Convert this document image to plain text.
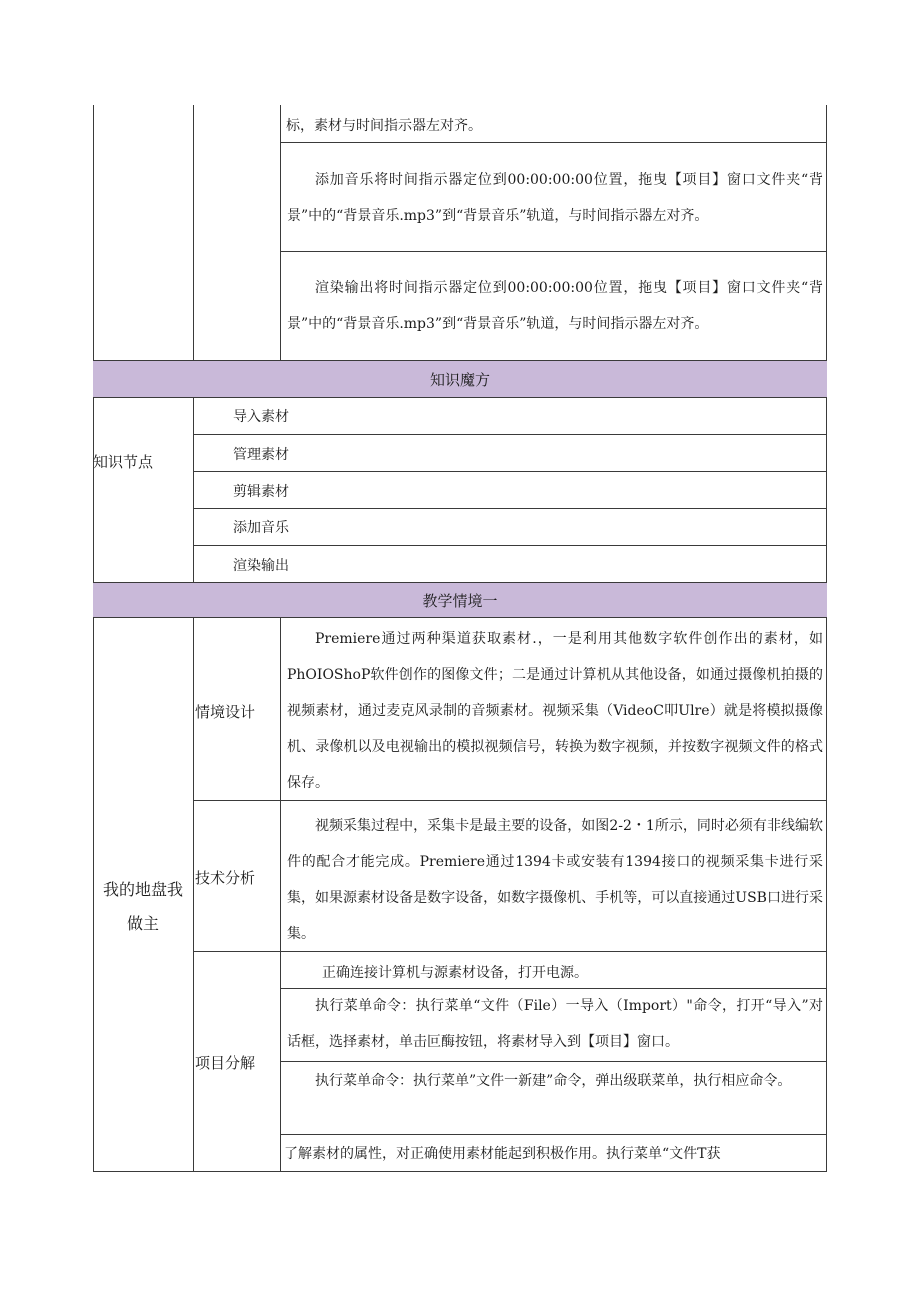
知识魔方
教学情境一
标，素材与时间指示器左对齐。
添加音乐将时间指示器定位到00:00:00:00位置，拖曳【项目】窗口文件夹“背景”中的“背景音乐.mp3”到“背景音乐”轨道，与时间指示器左对齐。
渲染输出将时间指示器定位到00:00:00:00位置，拖曳【项目】窗口文件夹“背景”中的“背景音乐.mp3”到“背景音乐”轨道，与时间指示器左对齐。
知识节点
导入素材
管理素材
剪辑素材
添加音乐
渲染输出
我的地盘我做主
情境设计
Premiere通过两种渠道获取素材.，一是利用其他数字软件创作出的素材，如PhOIOShoP软件创作的图像文件；二是通过计算机从其他设备，如通过摄像机拍摄的视频素材，通过麦克风录制的音频素材。视频采集（VideoC叩Ulre）就是将模拟摄像机、录像机以及电视输出的模拟视频信号，转换为数字视频，并按数字视频文件的格式保存。
技术分析
视频采集过程中，采集卡是最主要的设备，如图2-2・1所示，同时必须有非线编软件的配合才能完成。Premiere通过1394卡或安装有1394接口的视频采集卡进行采集，如果源素材设备是数字设备，如数字摄像机、手机等，可以直接通过USB口进行采集。
项目分解
正确连接计算机与源素材设备，打开电源。
执行菜单命令：执行菜单“文件（File）一导入（Import）"命令，打开“导入”对话框，选择素材，单击叵酶按钮，将素材导入到【项目】窗口。
执行菜单命令：执行菜单”文件一新建”命令，弹出级联菜单，执行相应命令。
了解素材的属性，对正确使用素材能起到积极作用。执行菜单“文件T获
